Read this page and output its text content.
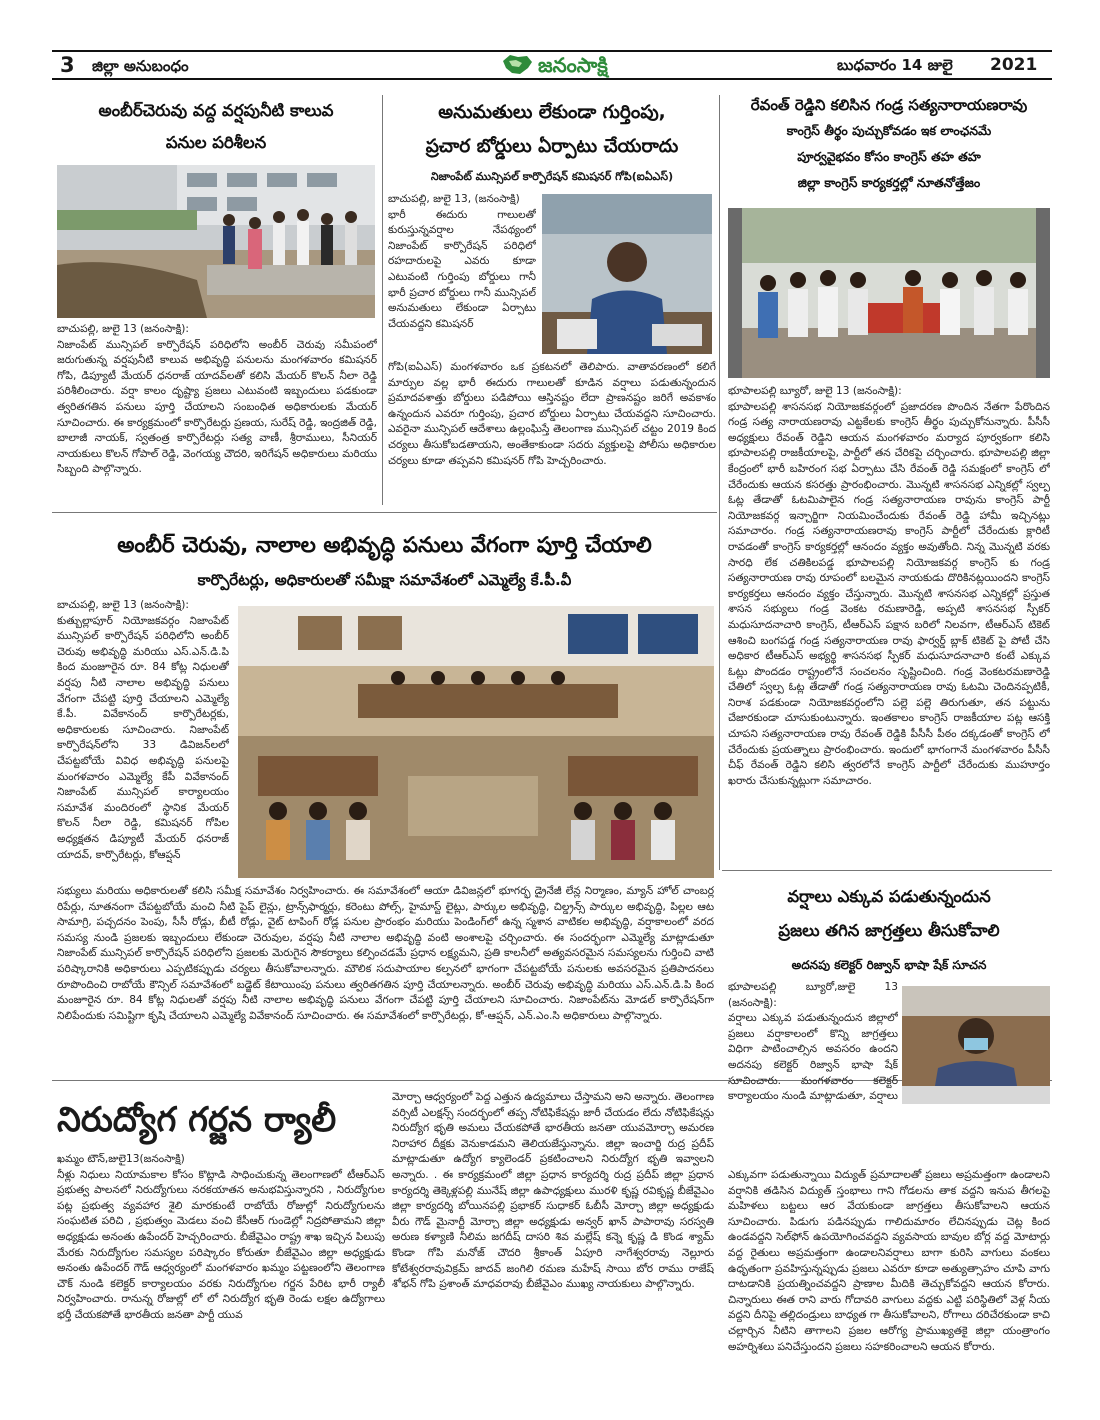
3 జిల్లా అనుబంధం	జనంసాక్షి	బుధవారం 14 జులై 2021
అంబీర్‌చెరువు వద్ద వర్షపునీటి కాలువ
పనుల పరిశీలన
బాచుపల్లి, జులై 13 (జనంసాక్షి):
నిజాంపేట్ మున్సిపల్ కార్పొరేషన్ పరిధిలోని అంబీర్ చెరువు సమీపంలో జరుగుతున్న వర్షపునీటి కాలువ అభివృద్ధి పనులను మంగళవారం కమిషనర్ గోపి, డిప్యూటీ మేయర్ ధనరాజ్ యాదవ్‌లతో కలిసి మేయర్ కొలన్ నీలా రెడ్డి పరిశీలించారు. వర్షా కాలం దృష్ట్యా ప్రజలు ఎటువంటి ఇబ్బందులు పడకుండా త్వరితగతిన పనులు పూర్తి చేయాలని సంబంధిత అధికారులకు మేయర్ సూచించారు. ఈ కార్యక్రమంలో కార్పొరేటర్లు ప్రణయ, సురేష్ రెడ్డి, ఇంద్రజిత్ రెడ్డి, బాలాజీ నాయక్, స్వతంత్ర కార్పొరేటర్లు సత్య వాణీ, శ్రీరాములు, సీనియర్ నాయకులు కొలన్ గోపాల్ రెడ్డి, వెంగయ్య చౌదరి, ఇరిగేషన్ అధికారులు మరియు సిబ్బంది పాల్గొన్నారు.
అనుమతులు లేకుండా గుర్తింపు,
ప్రచార బోర్డులు ఏర్పాటు చేయరాదు
నిజాంపేట్ మున్సిపల్ కార్పొరేషన్ కమిషనర్ గోపి(ఐఏఎస్)
బాచుపల్లి, జులై 13, (జనంసాక్షి)
భారీ ఈదురు గాలులతో కురుస్తున్నవర్షాల నేపథ్యంలో నిజాంపేట్ కార్పొరేషన్ పరిధిలో రహదారులపై ఎవరు కూడా ఎటువంటి గుర్తింపు బోర్డులు గానీ భారీ ప్రచార బోర్డులు గానీ మున్సిపల్ అనుమతులు లేకుండా ఏర్పాటు చేయవద్దని కమిషనర్
గోపి(ఐఏఎస్) మంగళవారం ఒక ప్రకటనలో తెలిపారు. వాతావరణంలో కలిగే మార్పుల వల్ల భారీ ఈదురు గాలులతో కూడిన వర్షాలు పడుతున్నందున ప్రమాదవశాత్తు బోర్డులు పడిపోయి ఆస్తినష్టం లేదా ప్రాణనష్టం జరిగే అవకాశం ఉన్నందున ఎవరూ గుర్తింపు, ప్రచార బోర్డులు ఏర్పాటు చేయవద్దని సూచించారు. ఎవరైనా మున్సిపల్ ఆదేశాలు ఉల్లంఘిస్తే తెలంగాణ మున్సిపల్ చట్టం 2019 కింద చర్యలు తీసుకోబడతాయని, అంతేకాకుండా సదరు వ్యక్తులపై పోలీసు అధికారుల చర్యలు కూడా తప్పవని కమిషనర్ గోపి హెచ్చరించారు.
రేవంత్ రెడ్డిని కలిసిన గండ్ర సత్యనారాయణరావు
కాంగ్రెస్ తీర్థం పుచ్చుకోవడం ఇక లాంఛనమే
పూర్వవైభవం కోసం కాంగ్రెస్ తహ తహ
జిల్లా కాంగ్రెస్ కార్యకర్తల్లో నూతనోత్తేజం
భూపాలపల్లి బ్యూరో, జులై 13 (జనంసాక్షి):
భూపాలపల్లి శాసనసభ నియోజకవర్గంలో ప్రజాదరణ పొందిన నేతగా పేరొందిన గండ్ర సత్య నారాయణరావు ఎట్టకేలకు కాంగ్రెస్ తీర్థం పుచ్చుకోనున్నారు. పీసీసీ అధ్యక్షులు రేవంత్ రెడ్డిని ఆయన మంగళవారం మర్యాద పూర్వకంగా కలిసి భూపాలపల్లి రాజకీయాలపై, పార్టీలో తన చేరికపై చర్చించారు. భూపాలపల్లి జిల్లా కేంద్రంలో భారీ బహిరంగ సభ ఏర్పాటు చేసి రేవంత్ రెడ్డి సమక్షంలో కాంగ్రెస్ లో చేరేందుకు ఆయన కసరత్తు ప్రారంభించారు. మొన్నటి శాసనసభ ఎన్నికల్లో స్వల్ప ఓట్ల తేడాతో ఓటమిపాలైన గండ్ర సత్యనారాయణ రావును కాంగ్రెస్ పార్టీ నియోజకవర్గ ఇన్చార్జిగా నియమించేందుకు రేవంత్ రెడ్డి హామీ ఇచ్చినట్లు సమాచారం. గండ్ర సత్యనారాయణరావు కాంగ్రెస్ పార్టీలో చేరేందుకు క్లారిటీ రావడంతో కాంగ్రెస్ కార్యకర్తల్లో ఆనందం వ్యక్తం అవుతోంది. నిన్న మొన్నటి వరకు సారధి లేక చతికిలపడ్డ భూపాలపల్లి నియోజకవర్గ కాంగ్రెస్ కు గండ్ర సత్యనారాయణ రావు రూపంలో బలమైన నాయకుడు దొరికినట్లయిందని కాంగ్రెస్ కార్యకర్తలు ఆనందం వ్యక్తం చేస్తున్నారు. మొన్నటి శాసనసభ ఎన్నికల్లో ప్రస్తుత శాసన సభ్యులు గండ్ర వెంకట రమణారెడ్డి, అప్పటి శాసనసభ స్పీకర్ మధుసూదనాచారి కాంగ్రెస్, టీఆర్ఎస్ పక్షాన బరిలో నిలవగా, టీఆర్ఎస్ టికెట్ ఆశించి బంగపడ్డ గండ్ర సత్యనారాయణ రావు ఫార్వర్డ్ బ్లాక్ టికెట్ పై పోటీ చేసి అధికార టీఆర్ఎస్ అభ్యర్థి శాసనసభ స్పీకర్ మధుసూదనాచారి కంటే ఎక్కువ ఓట్లు పొందడం రాష్ట్రంలోనే సంచలనం సృష్టించింది. గండ్ర వెంకటరమణారెడ్డి చేతిలో స్వల్ప ఓట్ల తేడాతో గండ్ర సత్యనారాయణ రావు ఓటమి చెందినప్పటికీ, నిరాశ పడకుండా నియోజకవర్గంలోని పల్లె పల్లె తిరుగుతూ, తన పట్టును చేజారకుండా చూసుకుంటున్నారు. ఇంతకాలం కాంగ్రెస్ రాజకీయాల పట్ల ఆసక్తి చూపని సత్యనారాయణ రావు రేవంత్ రెడ్డికి పీసీసీ పీఠం దక్కడంతో కాంగ్రెస్ లో చేరేందుకు ప్రయత్నాలు ప్రారంభించారు. ఇందులో భాగంగానే మంగళవారం పీసీసీ చీఫ్ రేవంత్ రెడ్డిని కలిసి త్వరలోనే కాంగ్రెస్ పార్టీలో చేరేందుకు ముహూర్తం ఖరారు చేసుకున్నట్లుగా సమాచారం.
అంబీర్ చెరువు, నాలాల అభివృద్ధి పనులు వేగంగా పూర్తి చేయాలి
కార్పొరేటర్లు, అధికారులతో సమీక్షా సమావేశంలో ఎమ్మెల్యే కే.పీ.వీ
బాచుపల్లి, జులై 13 (జనంసాక్షి):
కుత్బుల్లాపూర్ నియోజకవర్గం నిజాంపేట్ మున్సిపల్ కార్పొరేషన్ పరిధిలోని అంబీర్ చెరువు అభివృద్ధి మరియు ఎస్.ఎన్.డి.పి కింద మంజూరైన రూ. 84 కోట్ల నిధులతో వర్షపు నీటి నాలాల అభివృద్ధి పనులు వేగంగా చేపట్టి పూర్తి చేయాలని ఎమ్మెల్యే కే.పీ. వివేకానంద్ కార్పొరేటర్లకు, అధికారులకు సూచించారు. నిజాంపేట్ కార్పొరేషన్‌లోని 33 డివిజన్‌లలో చేపట్టబోయే వివిధ అభివృద్ధి పనులపై మంగళవారం ఎమ్మెల్యే కేపీ వివేకానంద్ నిజాంపేట్ మున్సిపల్ కార్యాలయం సమావేశ మందిరంలో స్థానిక మేయర్ కొలన్ నీలా రెడ్డి, కమిషనర్ గోపిల అధ్యక్షతన డిప్యూటీ మేయర్ ధనరాజ్ యాదవ్, కార్పొరేటర్లు, కోఆప్షన్
సభ్యులు మరియు అధికారులతో కలిసి సమీక్ష సమావేశం నిర్వహించారు. ఈ సమావేశంలో ఆయా డివిజన్లలో భూగర్భ డ్రైనేజీ లేన్ల నిర్మాణం, మ్యాన్ హోల్ చాంబర్ల రిపేర్లు, నూతనంగా చేపట్టబోయే మంచి నీటి పైప్ లైన్లు, ట్రాన్స్‌ఫార్మర్లు, కరెంటు పోల్స్, హైమాస్ట్ లైట్లు, పార్కుల అభివృద్ధి, చిల్డ్రన్స్ పార్కుల అభివృద్ధి, పిల్లల ఆట సామాగ్రి, పచ్చదనం పెంపు, సీసీ రోడ్లు, బీటీ రోడ్లు, వైట్ టాపింగ్ రోడ్ల పనుల ప్రారంభం మరియు పెండింగ్‌లో ఉన్న స్మశాన వాటికల అభివృద్ధి, వర్షాకాలంలో వరద సమస్య నుండి ప్రజలకు ఇబ్బందులు లేకుండా చెరువుల, వర్షపు నీటి నాలాల అభివృద్ధి వంటి అంశాలపై చర్చించారు. ఈ సందర్భంగా ఎమ్మెల్యే మాట్లాడుతూ నిజాంపేట్ మున్సిపల్ కార్పొరేషన్ పరిధిలోని ప్రజలకు మెరుగైన సౌకర్యాలు కల్పించడమే ప్రధాన లక్ష్యమని, ప్రతి కాలనీలో అత్యవసరమైన సమస్యలను గుర్తించి వాటి పరిష్కారానికి అధికారులు ఎప్పటికప్పుడు చర్యలు తీసుకోవాలన్నారు. మౌలిక సదుపాయాల కల్పనలో భాగంగా చేపట్టబోయే పనులకు అవసరమైన ప్రతిపాదనలు రూపొందించి రాబోయే కౌన్సిల్ సమావేశంలో బడ్జెట్ కేటాయింపు పనులు త్వరితగతిన పూర్తి చేయాలన్నారు. అంబీర్ చెరువు అభివృద్ధి మరియు ఎస్.ఎన్.డి.పి కింద మంజూరైన రూ. 84 కోట్ల నిధులతో వర్షపు నీటి నాలాల అభివృద్ధి పనులు వేగంగా చేపట్టి పూర్తి చేయాలని సూచించారు. నిజాంపేట్‌ను మోడల్ కార్పొరేషన్‌గా నిలిపేందుకు సమిష్టిగా కృషి చేయాలని ఎమ్మెల్యే వివేకానంద్ సూచించారు. ఈ సమావేశంలో కార్పొరేటర్లు, కో-ఆప్షన్, ఎన్.ఎం.సి అధికారులు పాల్గొన్నారు.
వర్షాలు ఎక్కువ పడుతున్నందున
ప్రజలు తగిన జాగ్రత్తలు తీసుకోవాలి
అదనపు కలెక్టర్ రిజ్వాన్ భాషా షేక్ సూచన
భూపాలపల్లి బ్యూరో,జులై 13 (జనంసాక్షి):
వర్షాలు ఎక్కువ పడుతున్నందున జిల్లాలో ప్రజలు వర్షాకాలంలో కొన్ని జాగ్రత్తలు విధిగా పాటించాల్సిన అవసరం ఉందని అదనపు కలెక్టర్ రిజ్వాన్ భాషా షేక్ సూచించారు. మంగళవారం కలెక్టర్ కార్యాలయం నుండి మాట్లాడుతూ, వర్షాలు
ఎక్కువగా పడుతున్నాయి విద్యుత్ ప్రమాదాలతో ప్రజలు అప్రమత్తంగా ఉండాలని వర్షానికి తడిసిన విద్యుత్ స్తంభాలు గాని గోడలను తాక వద్దని ఇనుప తీగలపై మహిళలు బట్టలు ఆర వేయకుండా జాగ్రత్తలు తీసుకోవాలని ఆయన సూచించారు. పిడుగు పడినప్పుడు గాలిదుమారం లేచినప్పుడు చెట్ల కింద ఉండవద్దని సెల్‌ఫోన్ ఉపయోగించవద్దని వ్యవసాయ బావుల బోర్ల వద్ద మోటార్లు వద్ద రైతులు అప్రమత్తంగా ఉండాలనివర్షాలు బాగా కురిసి వాగులు వంకలు ఉధృతంగా ప్రవహిస్తున్నప్పుడు ప్రజలు ఎవరూ కూడా అత్యుత్సాహం చూపి వాగు దాటడానికి ప్రయత్నించవద్దని ప్రాణాల మీదికి తెచ్చుకోవద్దని ఆయన కోరారు. చిన్నారులు ఈత రాని వారు గోదావరి వాగులు వద్దకు ఎట్టి పరిస్థితిలో వెళ్ల నీయ వద్దని దీనిపై తల్లిదండ్రులు బాధ్యత గా తీసుకోవాలని, రోగాలు దరిచేరకుండా కాచి చల్లార్చిన నీటిని తాగాలని ప్రజల ఆరోగ్య ప్రాముఖ్యతకై జిల్లా యంత్రాంగం అహర్నిశలు పనిచేస్తుందని ప్రజలు సహకరించాలని ఆయన కోరారు.
నిరుద్యోగ గర్జన ర్యాలీ
ఖమ్మం టౌన్,జులై13(జనంసాక్షి)
నీళ్లు నిధులు నియామకాల కోసం కొట్లాడి సాధించుకున్న తెలంగాణలో టీఆర్ఎస్ ప్రభుత్వ పాలనలో నిరుద్యోగులు నరకయాతన అనుభవిస్తున్నారని , నిరుద్యోగుల పట్ల ప్రభుత్వ వ్యవహార శైలి మారకుంటే రాబోయే రోజుల్లో నిరుద్యోగులను సంఘటిత పరిచి , ప్రభుత్వం మెడలు వంచి కేసీఆర్ గుండెల్లో నిద్రపోతామని జిల్లా అధ్యక్షుడు అనంతు ఉపేందర్ హెచ్చరించారు. బీజేవైఎం రాష్ట్ర శాఖ ఇచ్చిన పిలుపు మేరకు నిరుద్యోగుల సమస్యల పరిష్కారం కోరుతూ బీజేవైఎం జిల్లా అధ్యక్షుడు అనంతు ఉపేందర్ గౌడ్ ఆధ్వర్యంలో మంగళవారం ఖమ్మం పట్టణంలోని తెలంగాణ చౌక్ నుండి కలెక్టర్ కార్యాలయం వరకు నిరుద్యోగుల గర్జన పేరిట భారీ ర్యాలీ నిర్వహించారు. రానున్న రోజుల్లో లో లో నిరుద్యోగ భృతి రెండు లక్షల ఉద్యోగాలు భర్తీ చేయకపోతే భారతీయ జనతా పార్టీ యువ
మోర్చా ఆధ్వర్యంలో పెద్ద ఎత్తున ఉద్యమాలు చేస్తామని అని అన్నారు. తెలంగాణ వర్సిటీ ఎలక్షన్స్ సందర్భంలో తప్ప నోటిఫికేషన్లు జారీ చేయడం లేదు నోటిఫికేషన్లు నిరుద్యోగ భృతి అమలు చేయకపోతే భారతీయ జనతా యువమోర్చా అమరణ నిరాహార దీక్షకు వెనుకాడమని తెలియజేస్తున్నాను. జిల్లా ఇంచార్జి రుద్ర ప్రదీప్ మాట్లాడుతూ ఉద్యోగ క్యాలెండర్ ప్రకటించాలని నిరుద్యోగ భృతి ఇవ్వాలని అన్నారు. . ఈ కార్యక్రమంలో జిల్లా ప్రధాన కార్యదర్శి రుద్ర ప్రదీప్ జిల్లా ప్రధాన కార్యదర్శి తెక్కెళ్లపల్లి మునేష్ జిల్లా ఉపాధ్యక్షులు మురళి కృష్ణ రవికృష్ణ బీజేవైఎం జిల్లా కార్యదర్శి బోయినపల్లి ప్రభాకర్ సుధాకర్ ఓబీసీ మోర్చా జిల్లా అధ్యక్షుడు వీరు గౌడ్ మైనార్టీ మోర్చా జిల్లా అధ్యక్షుడు అన్వర్ ఖాన్ పాపారావు సరస్వతి అరుణ కళ్యాణి నీలిమ జగదీష్ దాసరి శివ మల్లేష్ కన్నె కృష్ణ డి కొండ శ్యామ్ కొండా గోపి మనోజ్ చౌదరి శ్రీకాంత్ ఏపూరి నాగేశ్వరరావు నెల్లూరు కోటేశ్వరరావువిక్రమ్ జాదవ్ జంగిలి రమణ మహేష్ సాయి బోర రాము రాజేష్ శోభన్ గోపి ప్రశాంత్ మాధవరావు బీజేవైఎం ముఖ్య నాయకులు పాల్గొన్నారు.
